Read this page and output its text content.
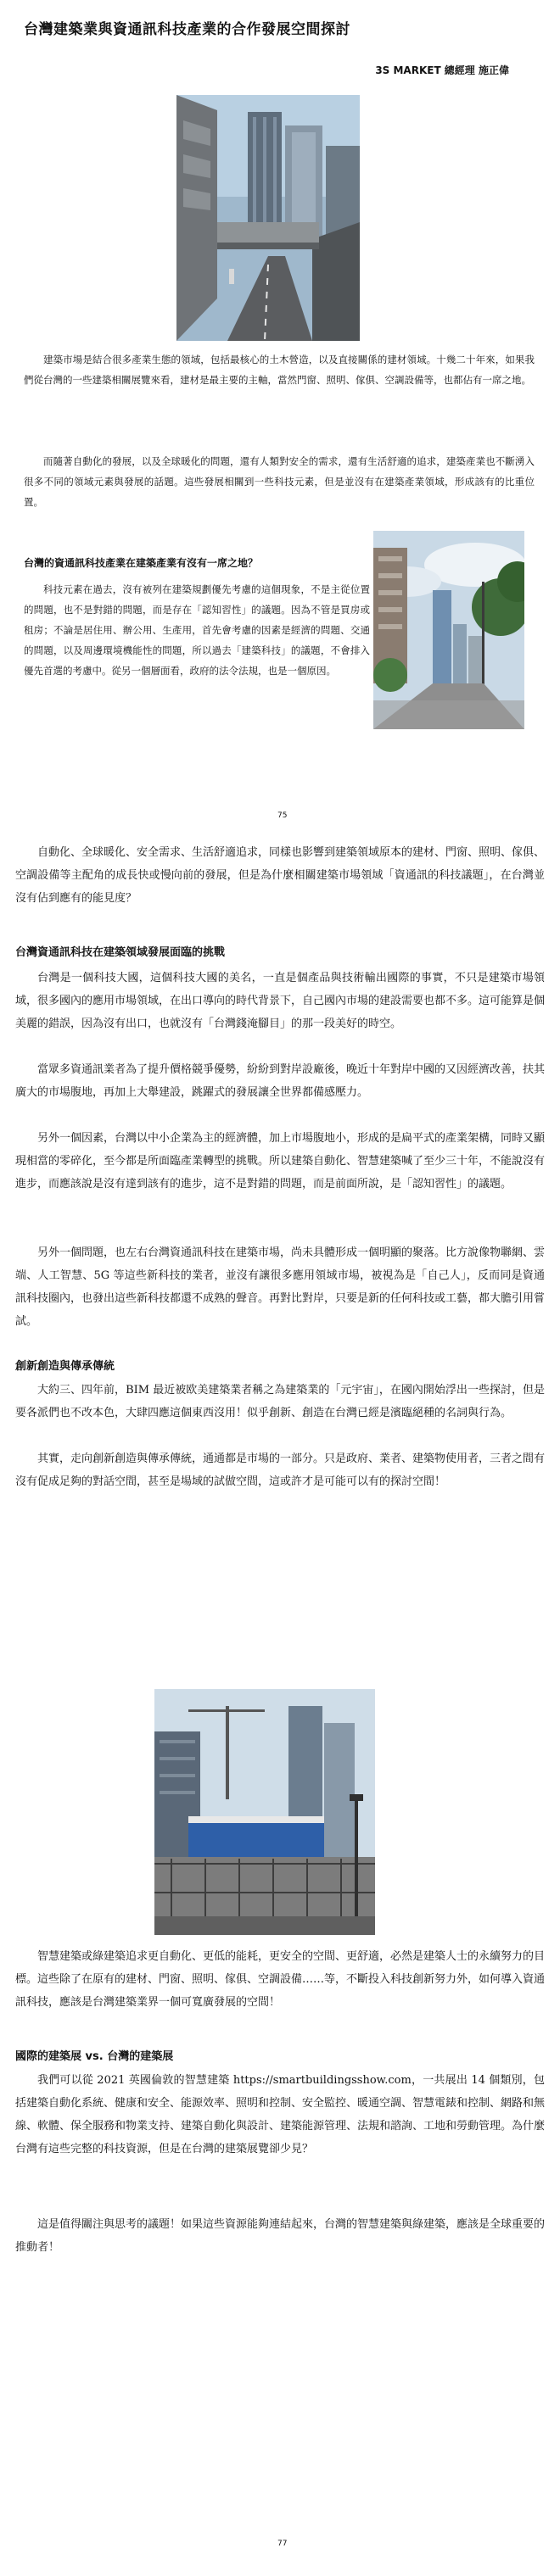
台灣建築業與資通訊科技產業的合作發展空間探討
3S MARKET 總經理 施正偉
建築市場是結合很多產業生態的領域，包括最核心的土木營造，以及直接關係的建材領域。十幾二十年來，如果我們從台灣的一些建築相關展覽來看，建材是最主要的主軸，當然門窗、照明、傢俱、空調設備等，也都佔有一席之地。
而隨著自動化的發展，以及全球暖化的問題，還有人類對安全的需求，還有生活舒適的追求，建築產業也不斷湧入很多不同的領域元素與發展的話題。這些發展相關到一些科技元素，但是並沒有在建築產業領域，形成該有的比重位置。
台灣的資通訊科技產業在建築產業有沒有一席之地？
科技元素在過去，沒有被列在建築規劃優先考慮的這個現象，不是主從位置的問題，也不是對錯的問題，而是存在「認知習性」的議題。因為不管是買房或租房；不論是居住用、辦公用、生產用，首先會考慮的因素是經濟的問題、交通的問題，以及周邊環境機能性的問題，所以過去「建築科技」的議題，不會排入優先首選的考慮中。從另一個層面看，政府的法令法規，也是一個原因。
75
自動化、全球暖化、安全需求、生活舒適追求，同樣也影響到建築領域原本的建材、門窗、照明、傢俱、空調設備等主配角的成長快或慢向前的發展，但是為什麼相關建築市場領域「資通訊的科技議題」，在台灣並沒有佔到應有的能見度？
台灣資通訊科技在建築領域發展面臨的挑戰
台灣是一個科技大國，這個科技大國的美名，一直是個產品與技術輸出國際的事實，不只是建築市場領域，很多國內的應用市場領域，在出口導向的時代背景下，自己國內市場的建設需要也都不多。這可能算是個美麗的錯誤，因為沒有出口，也就沒有「台灣錢淹腳目」的那一段美好的時空。
當眾多資通訊業者為了提升價格競爭優勢，紛紛到對岸設廠後，晚近十年對岸中國的又因經濟改善，扶其廣大的市場腹地，再加上大舉建設，跳躍式的發展讓全世界都備感壓力。
另外一個因素，台灣以中小企業為主的經濟體，加上市場腹地小，形成的是扁平式的產業架構，同時又顯現相當的零碎化，至今都是所面臨產業轉型的挑戰。所以建築自動化、智慧建築喊了至少三十年，不能說沒有進步，而應該說是沒有達到該有的進步，這不是對錯的問題，而是前面所說，是「認知習性」的議題。
另外一個問題，也左右台灣資通訊科技在建築市場，尚未具體形成一個明顯的聚落。比方說像物聯網、雲端、人工智慧、5G 等這些新科技的業者，並沒有讓很多應用領域市場，被視為是「自己人」，反而同是資通訊科技圈內，也發出這些新科技都還不成熟的聲音。再對比對岸，只要是新的任何科技或工藝，都大膽引用嘗試。
創新創造與傳承傳統
大約三、四年前，BIM 最近被欧美建築業者稱之為建築業的「元宇宙」，在國內開始浮出一些探討，但是要各派們也不改本色，大肆四應這個東西沒用！似乎創新、創造在台灣已經是濱臨絕種的名詞與行為。
其實，走向創新創造與傳承傳統，通通都是市場的一部分。只是政府、業者、建築物使用者，三者之間有沒有促成足夠的對話空間，甚至是場域的試做空間，這或許才是可能可以有的探討空間！
智慧建築或綠建築追求更自動化、更低的能耗，更安全的空間、更舒適，必然是建築人士的永續努力的目標。這些除了在原有的建材、門窗、照明、傢俱、空調設備……等，不斷投入科技創新努力外，如何導入資通訊科技，應該是台灣建築業界一個可寬廣發展的空間！
國際的建築展 vs. 台灣的建築展
我們可以從 2021 英國倫敦的智慧建築 https://smartbuildingsshow.com，一共展出 14 個類別，包括建築自動化系統、健康和安全、能源效率、照明和控制、安全監控、暖通空調、智慧電錶和控制、網路和無線、軟體、保全服務和物業支持、建築自動化與設計、建築能源管理、法規和諮詢、工地和勞動管理。為什麼台灣有這些完整的科技資源，但是在台灣的建築展覽卻少見？
這是值得關注與思考的議題！如果這些資源能夠連結起來，台灣的智慧建築與綠建築，應該是全球重要的推動者！
77
